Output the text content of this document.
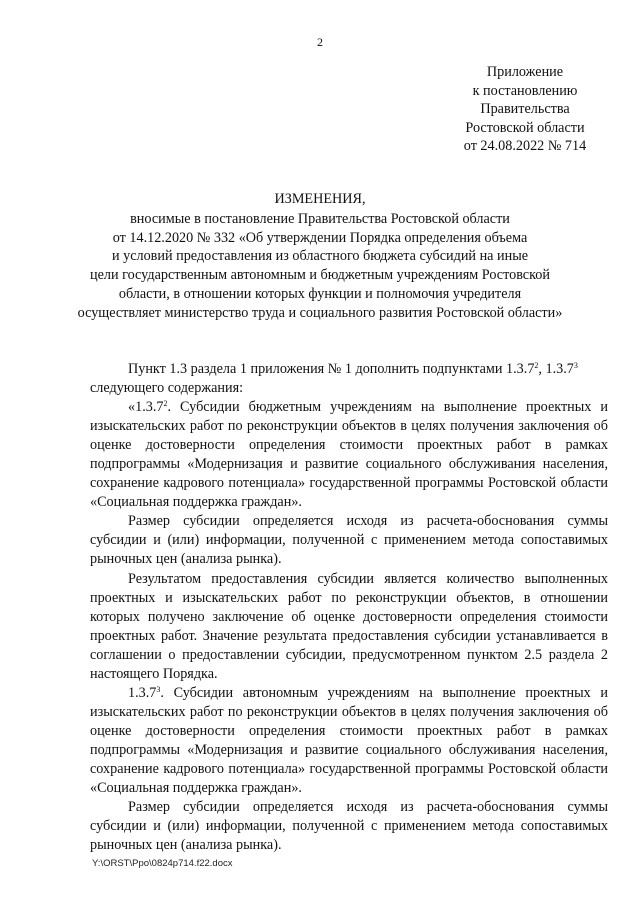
2
Приложение
к постановлению
Правительства
Ростовской области
от 24.08.2022 № 714
ИЗМЕНЕНИЯ,
вносимые в постановление Правительства Ростовской области
от 14.12.2020 № 332 «Об утверждении Порядка определения объема
и условий предоставления из областного бюджета субсидий на иные
цели государственным автономным и бюджетным учреждениям Ростовской
области, в отношении которых функции и полномочия учредителя
осуществляет министерство труда и социального развития Ростовской области»

Пункт 1.3 раздела 1 приложения № 1 дополнить подпунктами 1.3.7$^2$, 1.3.7$^3$

следующего содержания:

«1.3.7$^2$. Субсидии бюджетным учреждениям на выполнение проектных и изыскательских работ по реконструкции объектов в целях получения заключения об оценке достоверности определения стоимости проектных работ в рамках подпрограммы «Модернизация и развитие социального обслуживания населения, сохранение кадрового потенциала» государственной программы Ростовской области «Социальная поддержка граждан».

Размер субсидии определяется исходя из расчета-обоснования суммы субсидии и (или) информации, полученной с применением метода сопоставимых рыночных цен (анализа рынка).

Результатом предоставления субсидии является количество выполненных проектных и изыскательских работ по реконструкции объектов, в отношении которых получено заключение об оценке достоверности определения стоимости проектных работ. Значение результата предоставления субсидии устанавливается в соглашении о предоставлении субсидии, предусмотренном пунктом 2.5 раздела 2 настоящего Порядка.

1.3.7$^3$. Субсидии автономным учреждениям на выполнение проектных и изыскательских работ по реконструкции объектов в целях получения заключения об оценке достоверности определения стоимости проектных работ в рамках подпрограммы «Модернизация и развитие социального обслуживания населения, сохранение кадрового потенциала» государственной программы Ростовской области «Социальная поддержка граждан».

Размер субсидии определяется исходя из расчета-обоснования суммы субсидии и (или) информации, полученной с применением метода сопоставимых рыночных цен (анализа рынка).

Y:\ORST\Ppo\0824p714.f22.docx
